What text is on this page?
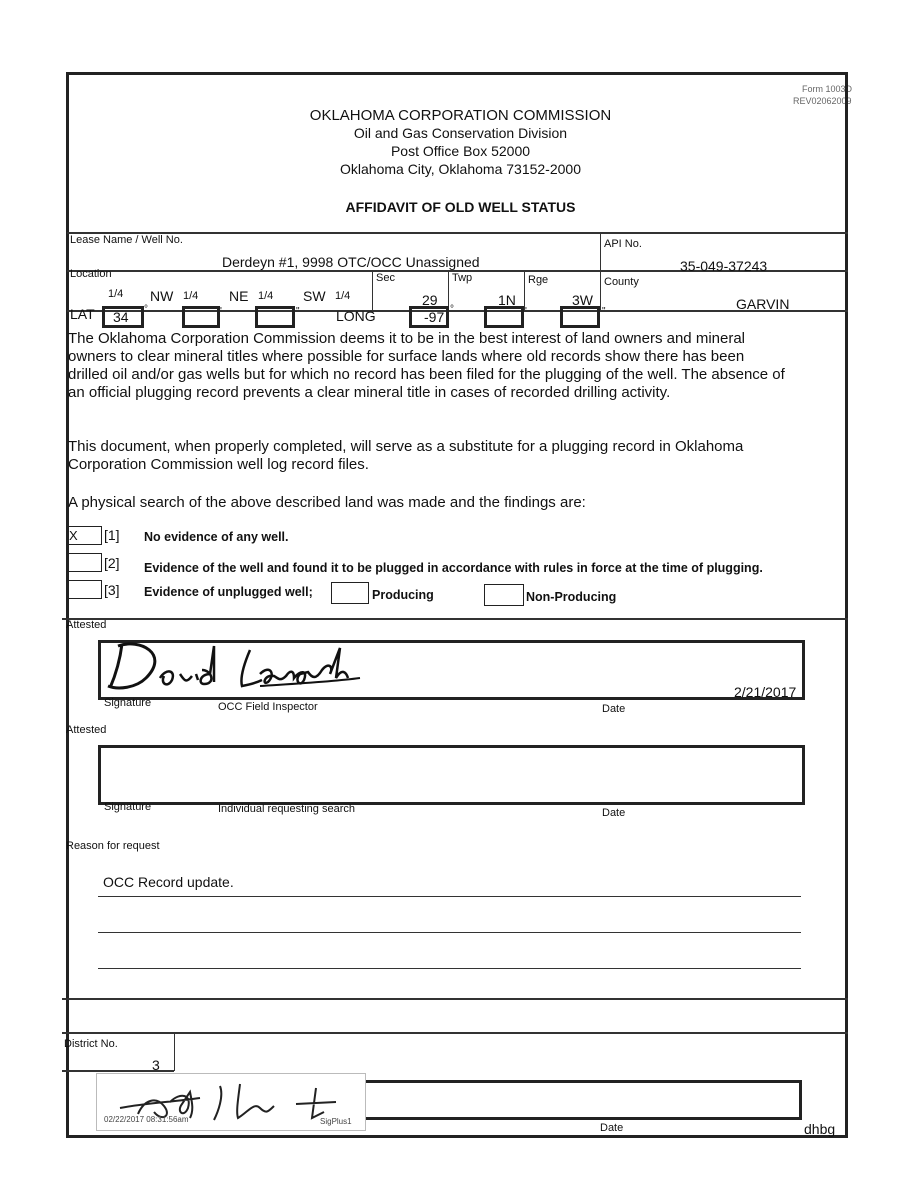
Form 1003D
REV02062009
OKLAHOMA CORPORATION COMMISSION
Oil and Gas Conservation Division
Post Office Box 52000
Oklahoma City, Oklahoma 73152-2000
AFFIDAVIT OF OLD WELL STATUS
Lease Name / Well No.
Derdeyn #1, 9998 OTC/OCC Unassigned
API No.
35-049-37243
Location
1/4 NW 1/4 NE 1/4 SW 1/4
Sec
29
Twp
1N
Rge
3W
County
GARVIN
LAT	34	°	'	"	LONG	-97 °	'	"
The Oklahoma Corporation Commission deems it to be in the best interest of land owners and mineral owners to clear mineral titles where possible for surface lands where old records show there has been drilled oil and/or gas wells but for which no record has been filed for the plugging of the well. The absence of an official plugging record prevents a clear mineral title in cases of recorded drilling activity.
This document, when properly completed, will serve as a substitute for a plugging record in Oklahoma Corporation Commission well log record files.
A physical search of the above described land was made and the findings are:
X	[1] No evidence of any well.
[2] Evidence of the well and found it to be plugged in accordance with rules in force at the time of plugging.
[3] Evidence of unplugged well;	Producing	Non-Producing
Attested
2/21/2017
Signature	OCC Field Inspector	Date
Attested
Signature	Individual requesting search	Date
Reason for request
OCC Record update.
District No.
3
02/22/2017 08:31:56am	SigPlus1
Date	dhbg
